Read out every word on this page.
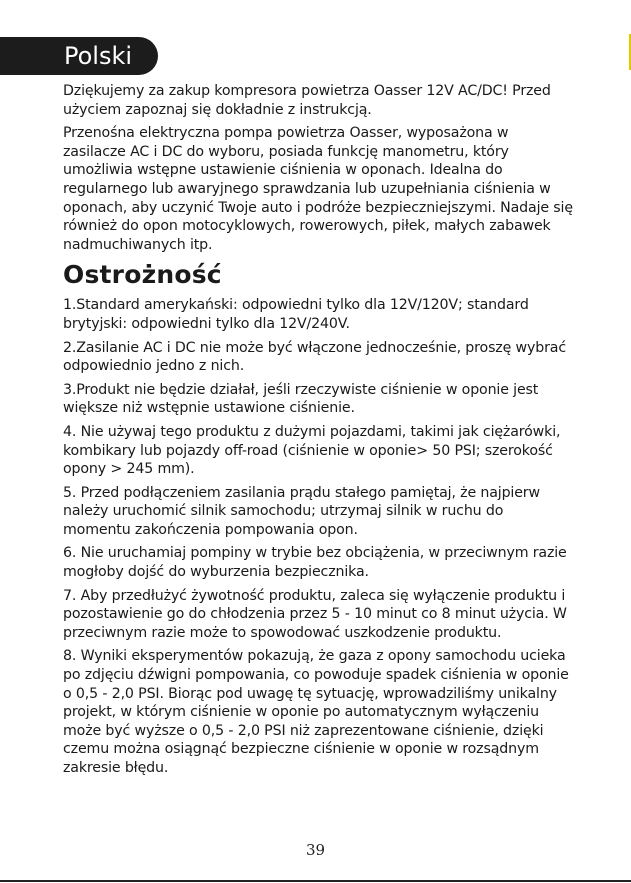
Polski

Dziękujemy za zakup kompresora powietrza Oasser 12V AC/DC! Przed użyciem zapoznaj się dokładnie z instrukcją.

Przenośna elektryczna pompa powietrza Oasser, wyposażona w zasilacze AC i DC do wyboru, posiada funkcję manometru, który umożliwia wstępne ustawienie ciśnienia w oponach. Idealna do regularnego lub awaryjnego sprawdzania lub uzupełniania ciśnienia w oponach, aby uczynić Twoje auto i podróże bezpieczniejszymi. Nadaje się również do opon motocyklowych, rowerowych, piłek, małych zabawek nadmuchiwanych itp.

Ostrożność

1.Standard amerykański: odpowiedni tylko dla 12V/120V; standard brytyjski: odpowiedni tylko dla 12V/240V.

2.Zasilanie AC i DC nie może być włączone jednocześnie, proszę wybrać odpowiednio jedno z nich.

3.Produkt nie będzie działał, jeśli rzeczywiste ciśnienie w oponie jest większe niż wstępnie ustawione ciśnienie.

4. Nie używaj tego produktu z dużymi pojazdami, takimi jak ciężarówki, kombikary lub pojazdy off-road (ciśnienie w oponie> 50 PSI; szerokość opony > 245 mm).

5. Przed podłączeniem zasilania prądu stałego pamiętaj, że najpierw należy uruchomić silnik samochodu; utrzymaj silnik w ruchu do momentu zakończenia pompowania opon.

6. Nie uruchamiaj pompiny w trybie bez obciążenia, w przeciwnym razie mogłoby dojść do wyburzenia bezpiecznika.

7. Aby przedłużyć żywotność produktu, zaleca się wyłączenie produktu i pozostawienie go do chłodzenia przez 5 - 10 minut co 8 minut użycia. W przeciwnym razie może to spowodować uszkodzenie produktu.

8. Wyniki eksperymentów pokazują, że gaza z opony samochodu ucieka po zdjęciu dźwigni pompowania, co powoduje spadek ciśnienia w oponie o 0,5 - 2,0 PSI. Biorąc pod uwagę tę sytuację, wprowadziliśmy unikalny projekt, w którym ciśnienie w oponie po automatycznym wyłączeniu może być wyższe o 0,5 - 2,0 PSI niż zaprezentowane ciśnienie, dzięki czemu można osiągnąć bezpieczne ciśnienie w oponie w rozsądnym zakresie błędu.

39
